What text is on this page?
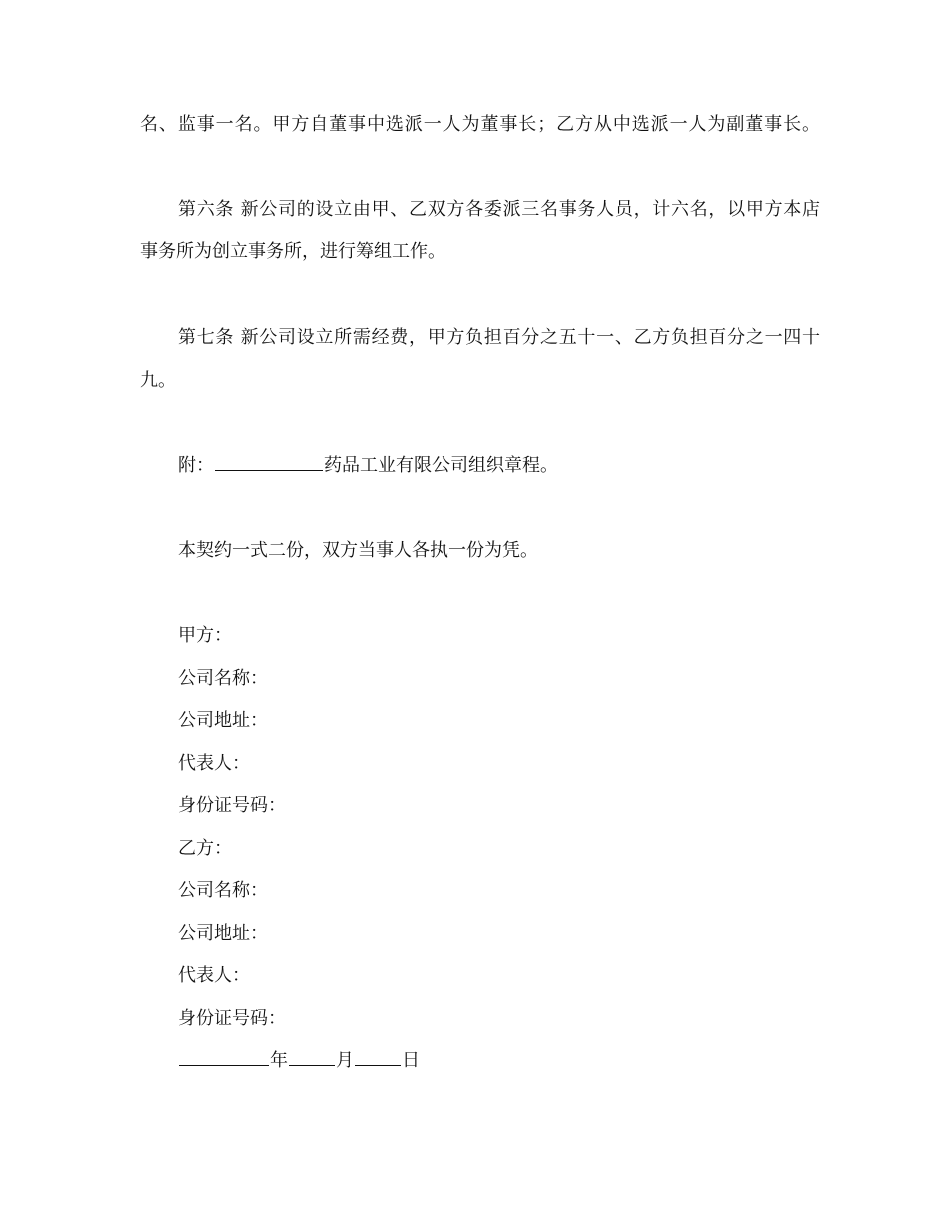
名、监事一名。甲方自董事中选派一人为董事长；乙方从中选派一人为副董事长。
第六条 新公司的设立由甲、乙双方各委派三名事务人员，计六名，以甲方本店
事务所为创立事务所，进行筹组工作。
第七条 新公司设立所需经费，甲方负担百分之五十一、乙方负担百分之一四十
九。
附：	药品工业有限公司组织章程。
本契约一式二份，双方当事人各执一份为凭。
甲方：
公司名称：
公司地址：
代表人：
身份证号码：
乙方：
公司名称：
公司地址：
代表人：
身份证号码：
年	月	日
